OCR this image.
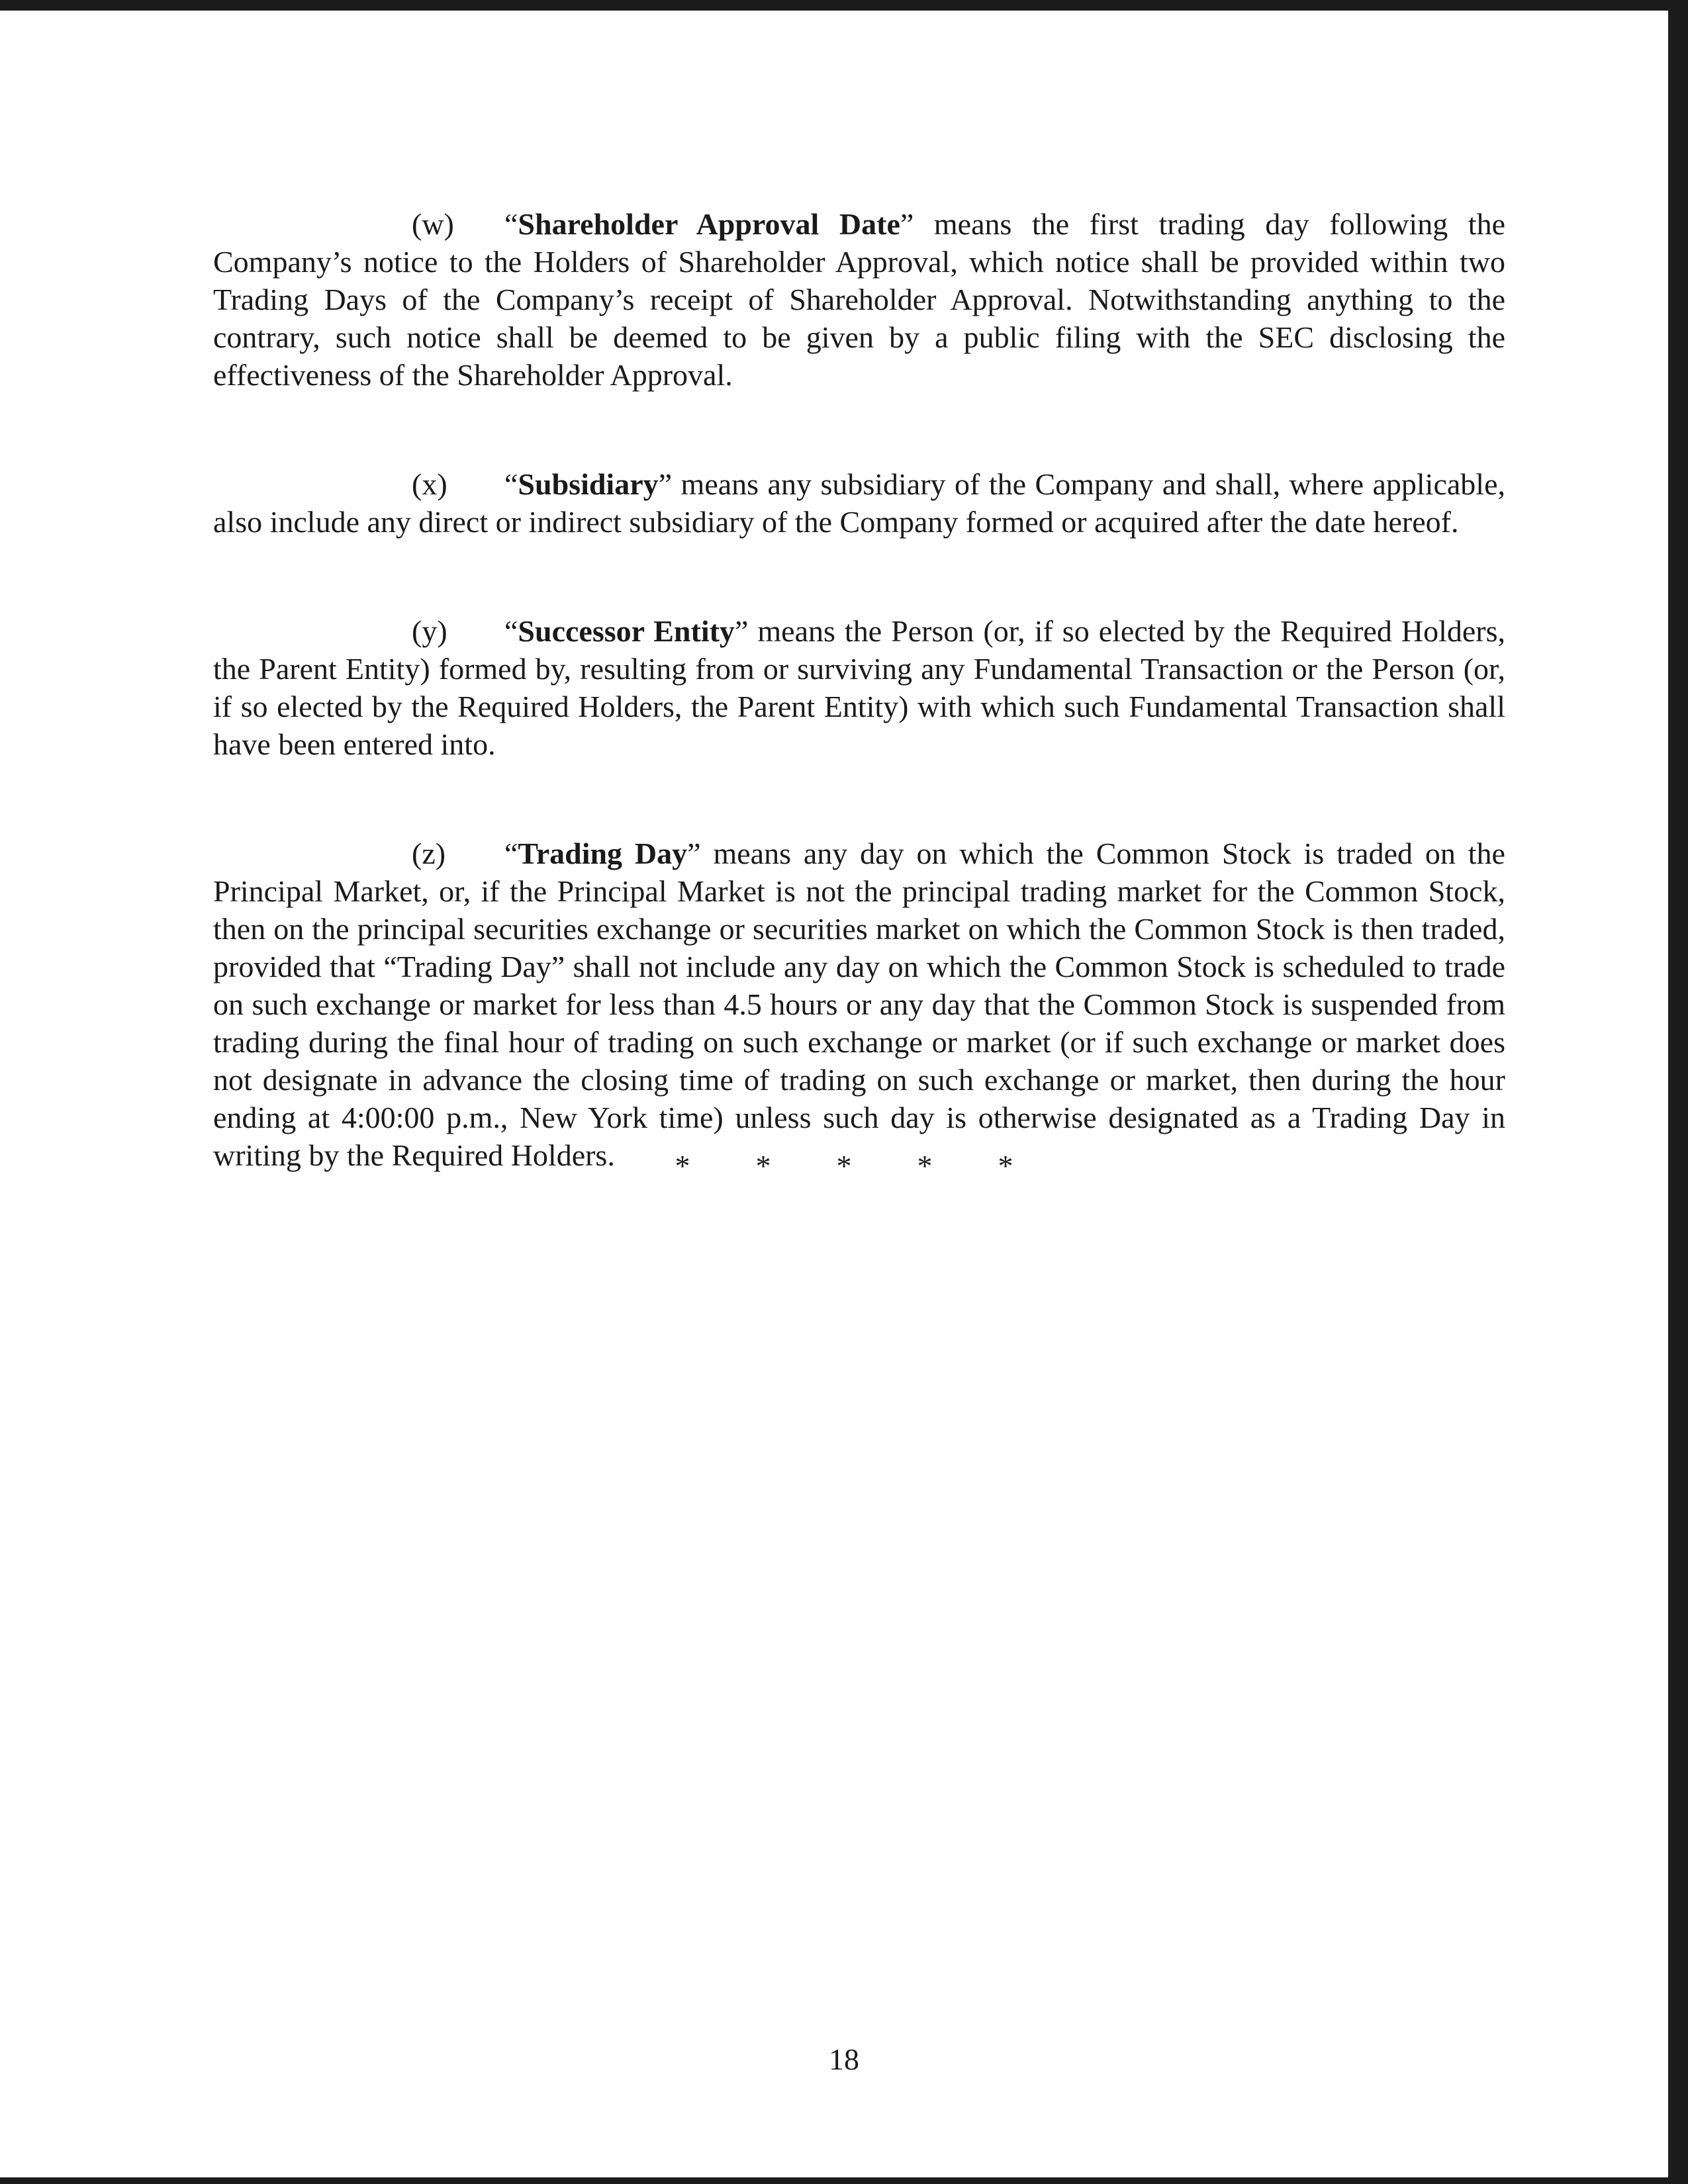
(w) “Shareholder Approval Date” means the first trading day following the Company’s notice to the Holders of Shareholder Approval, which notice shall be provided within two Trading Days of the Company’s receipt of Shareholder Approval. Notwithstanding anything to the contrary, such notice shall be deemed to be given by a public filing with the SEC disclosing the effectiveness of the Shareholder Approval.

(x) “Subsidiary” means any subsidiary of the Company and shall, where applicable, also include any direct or indirect subsidiary of the Company formed or acquired after the date hereof.

(y) “Successor Entity” means the Person (or, if so elected by the Required Holders, the Parent Entity) formed by, resulting from or surviving any Fundamental Transaction or the Person (or, if so elected by the Required Holders, the Parent Entity) with which such Fundamental Transaction shall have been entered into.

(z) “Trading Day” means any day on which the Common Stock is traded on the Principal Market, or, if the Principal Market is not the principal trading market for the Common Stock, then on the principal securities exchange or securities market on which the Common Stock is then traded, provided that “Trading Day” shall not include any day on which the Common Stock is scheduled to trade on such exchange or market for less than 4.5 hours or any day that the Common Stock is suspended from trading during the final hour of trading on such exchange or market (or if such exchange or market does not designate in advance the closing time of trading on such exchange or market, then during the hour ending at 4:00:00 p.m., New York time) unless such day is otherwise designated as a Trading Day in writing by the Required Holders.	* * * * *
18
